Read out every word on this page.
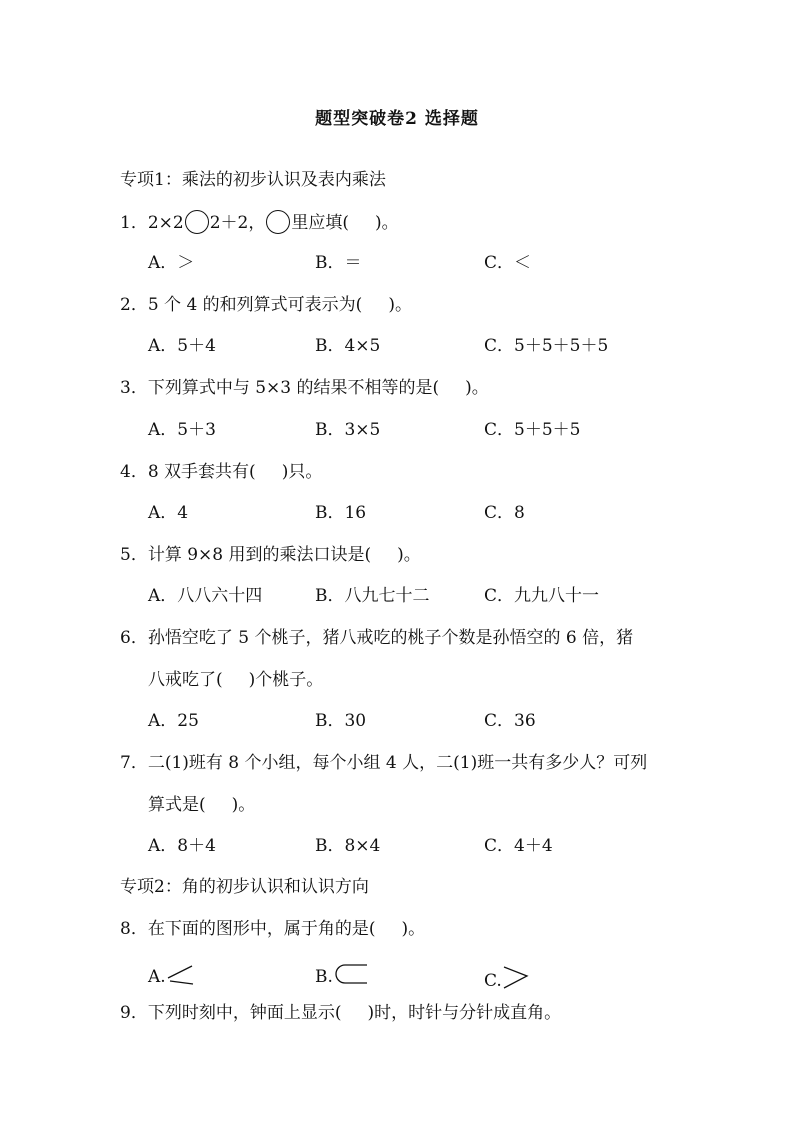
题型突破卷2 选择题
专项1：乘法的初步认识及表内乘法
1．2×2 2＋2， 里应填( )。
A．＞	B．＝	C．＜
2．5 个 4 的和列算式可表示为( )。
A．5＋4	B．4×5	C．5＋5＋5＋5
3．下列算式中与 5×3 的结果不相等的是( )。
A．5＋3	B．3×5	C．5＋5＋5
4．8 双手套共有( )只。
A．4	B．16	C．8
5．计算 9×8 用到的乘法口诀是( )。
A．八八六十四	B．八九七十二	C．九九八十一
6．孙悟空吃了 5 个桃子，猪八戒吃的桃子个数是孙悟空的 6 倍，猪
八戒吃了( )个桃子。
A．25	B．30	C．36
7．二(1)班有 8 个小组，每个小组 4 人，二(1)班一共有多少人？可列
算式是( )。
A．8＋4	B．8×4	C．4＋4
专项2：角的初步认识和认识方向
8．在下面的图形中，属于角的是( )。
A.	B.	C.
9．下列时刻中，钟面上显示( )时，时针与分针成直角。
